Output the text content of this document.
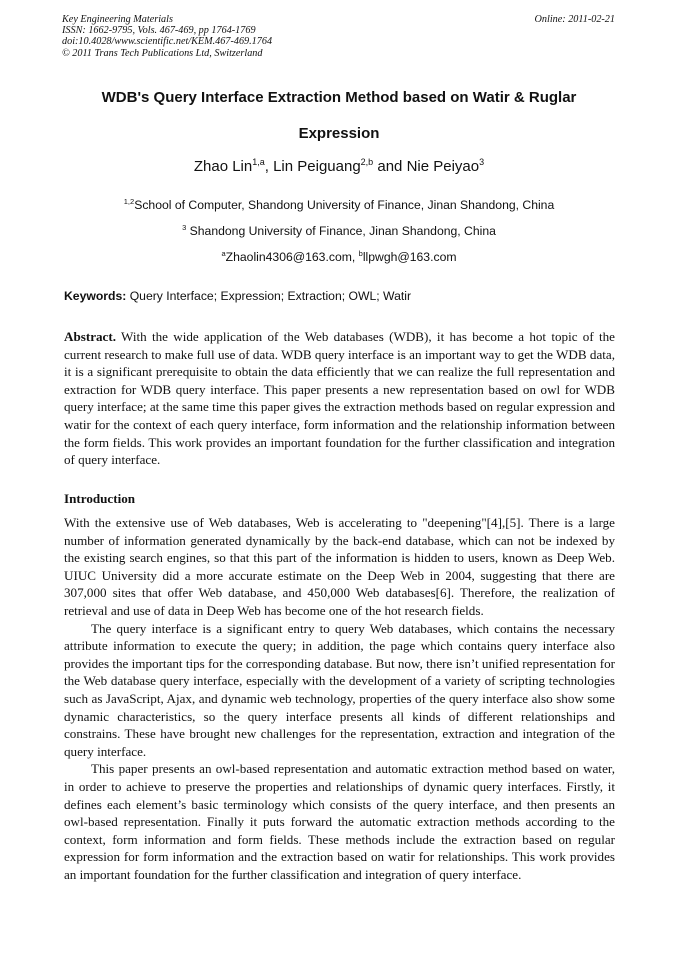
Key Engineering Materials
ISSN: 1662-9795, Vols. 467-469, pp 1764-1769
doi:10.4028/www.scientific.net/KEM.467-469.1764
© 2011 Trans Tech Publications Ltd, Switzerland
Online: 2011-02-21
WDB's Query Interface Extraction Method based on Watir & Ruglar
Expression
Zhao Lin$^{1,a}$, Lin Peiguang$^{2,b}$ and Nie Peiyao$^3$
$^{1,2}$School of Computer, Shandong University of Finance, Jinan Shandong, China
$^3$ Shandong University of Finance, Jinan Shandong, China
$^a$Zhaolin4306@163.com, $^b$llpwgh@163.com
Keywords: Query Interface; Expression; Extraction; OWL; Watir

Abstract. With the wide application of the Web databases (WDB), it has become a hot topic of the current research to make full use of data. WDB query interface is an important way to get the WDB data, it is a significant prerequisite to obtain the data efficiently that we can realize the full representation and extraction for WDB query interface. This paper presents a new representation based on owl for WDB query interface; at the same time this paper gives the extraction methods based on regular expression and watir for the context of each query interface, form information and the relationship information between the form fields. This work provides an important foundation for the further classification and integration of query interface.

Introduction

With the extensive use of Web databases, Web is accelerating to "deepening"[4],[5]. There is a large number of information generated dynamically by the back-end database, which can not be indexed by the existing search engines, so that this part of the information is hidden to users, known as Deep Web. UIUC University did a more accurate estimate on the Deep Web in 2004, suggesting that there are 307,000 sites that offer Web database, and 450,000 Web databases[6]. Therefore, the realization of retrieval and use of data in Deep Web has become one of the hot research fields.

The query interface is a significant entry to query Web databases, which contains the necessary attribute information to execute the query; in addition, the page which contains query interface also provides the important tips for the corresponding database. But now, there isn’t unified representation for the Web database query interface, especially with the development of a variety of scripting technologies such as JavaScript, Ajax, and dynamic web technology, properties of the query interface also show some dynamic characteristics, so the query interface presents all kinds of different relationships and constrains. These have brought new challenges for the representation, extraction and integration of the query interface.

This paper presents an owl-based representation and automatic extraction method based on water, in order to achieve to preserve the properties and relationships of dynamic query interfaces. Firstly, it defines each element’s basic terminology which consists of the query interface, and then presents an owl-based representation. Finally it puts forward the automatic extraction methods according to the context, form information and form fields. These methods include the extraction based on regular expression for form information and the extraction based on watir for relationships. This work provides an important foundation for the further classification and integration of query interface.
